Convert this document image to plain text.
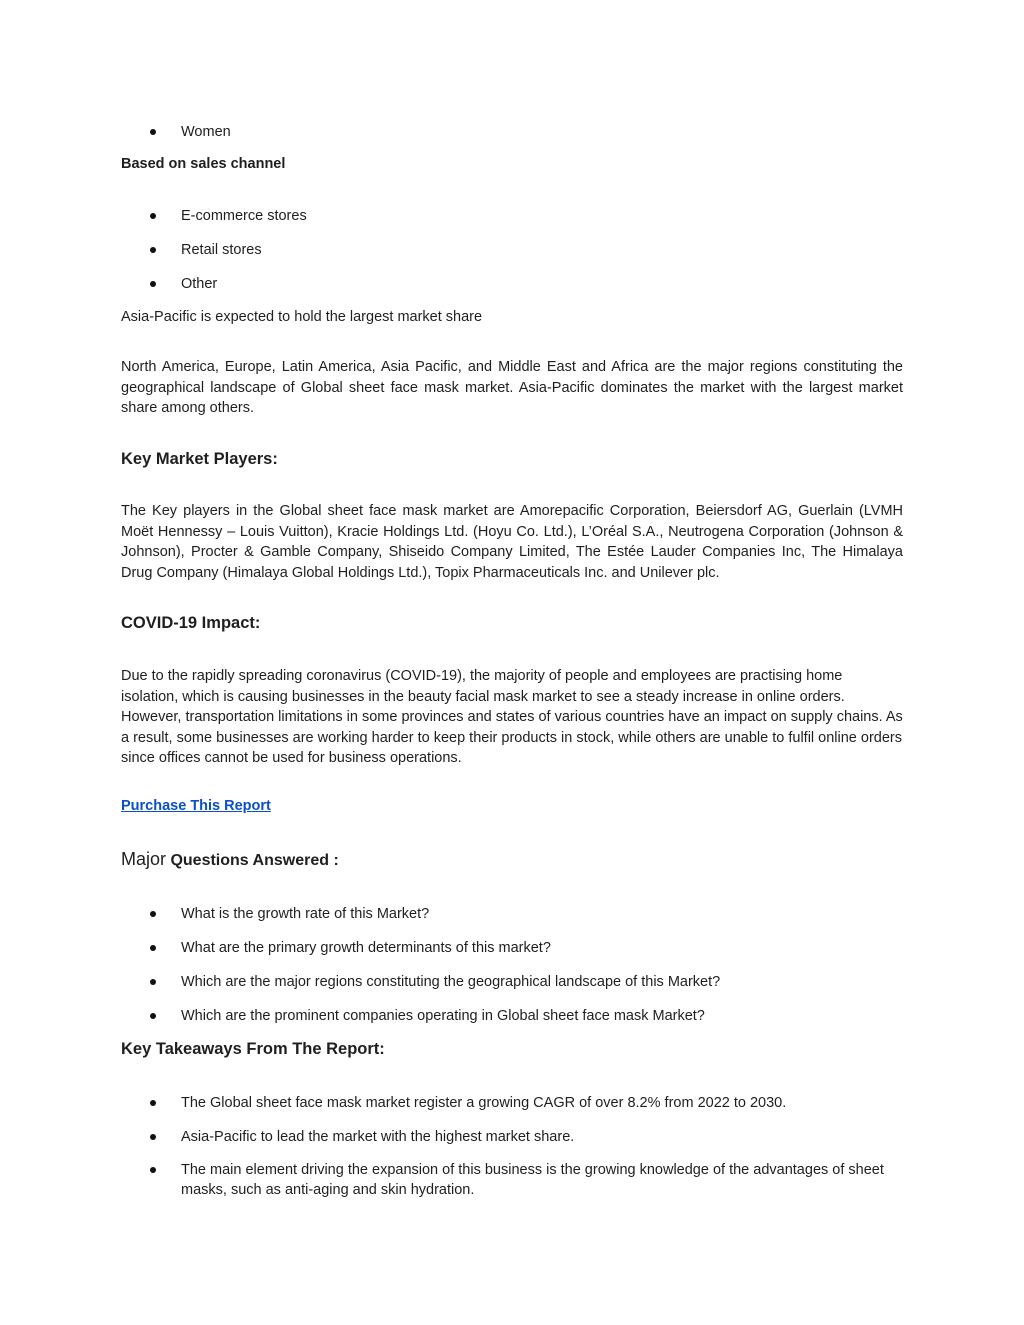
Women
Based on sales channel
E-commerce stores
Retail stores
Other
Asia-Pacific is expected to hold the largest market share
North America, Europe, Latin America, Asia Pacific, and Middle East and Africa are the major regions constituting the geographical landscape of Global sheet face mask market. Asia-Pacific dominates the market with the largest market share among others.
Key Market Players:
The Key players in the Global sheet face mask market are Amorepacific Corporation, Beiersdorf AG, Guerlain (LVMH Moët Hennessy – Louis Vuitton), Kracie Holdings Ltd. (Hoyu Co. Ltd.), L’Oréal S.A., Neutrogena Corporation (Johnson & Johnson), Procter & Gamble Company, Shiseido Company Limited, The Estée Lauder Companies Inc, The Himalaya Drug Company (Himalaya Global Holdings Ltd.), Topix Pharmaceuticals Inc. and Unilever plc.
COVID-19 Impact:
Due to the rapidly spreading coronavirus (COVID-19), the majority of people and employees are practising home isolation, which is causing businesses in the beauty facial mask market to see a steady increase in online orders. However, transportation limitations in some provinces and states of various countries have an impact on supply chains. As a result, some businesses are working harder to keep their products in stock, while others are unable to fulfil online orders since offices cannot be used for business operations.
Purchase This Report
Major Questions Answered :
What is the growth rate of this Market?
What are the primary growth determinants of this market?
Which are the major regions constituting the geographical landscape of this Market?
Which are the prominent companies operating in Global sheet face mask Market?
Key Takeaways From The Report:
The Global sheet face mask market register a growing CAGR of over 8.2% from 2022 to 2030.
Asia-Pacific to lead the market with the highest market share.
The main element driving the expansion of this business is the growing knowledge of the advantages of sheet masks, such as anti-aging and skin hydration.
